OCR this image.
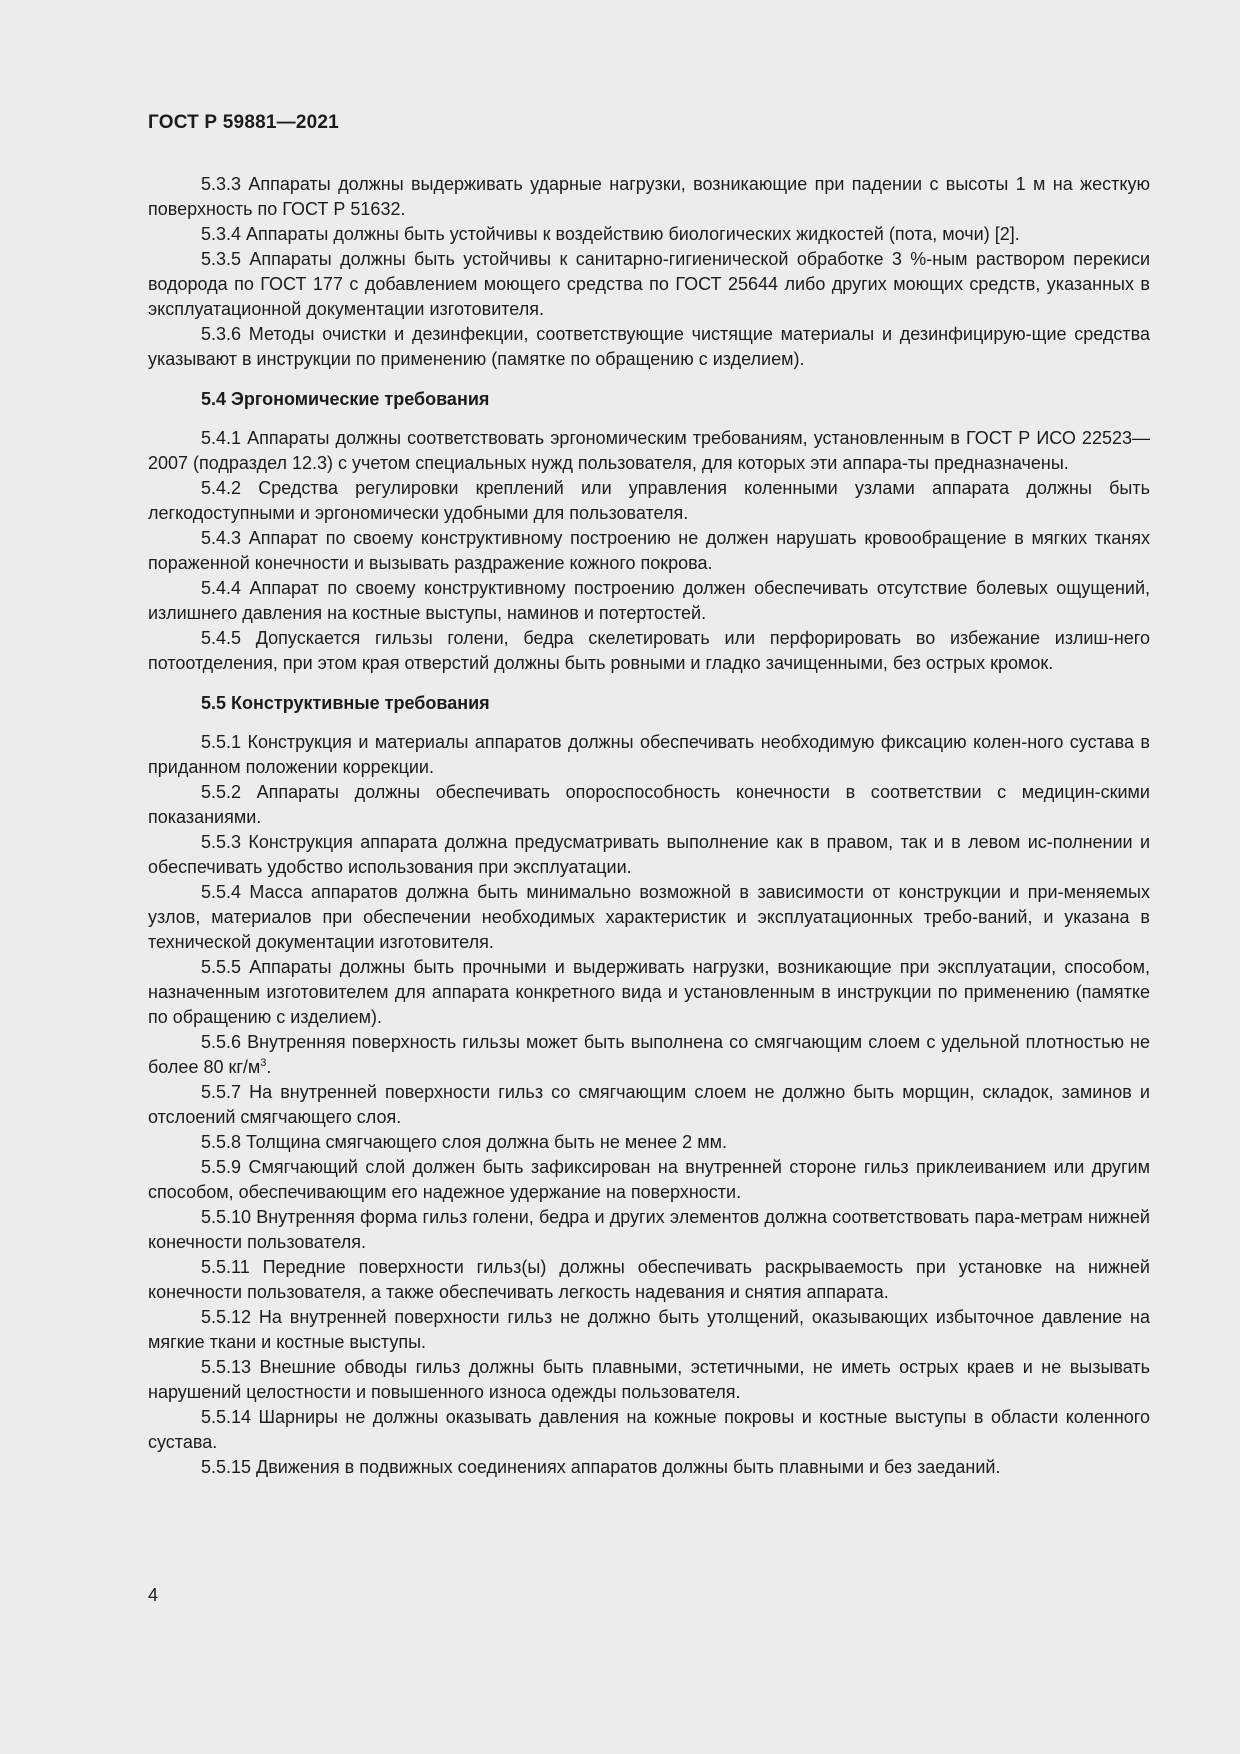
ГОСТ Р 59881—2021

5.3.3 Аппараты должны выдерживать ударные нагрузки, возникающие при падении с высоты 1 м на жесткую поверхность по ГОСТ Р 51632.

5.3.4 Аппараты должны быть устойчивы к воздействию биологических жидкостей (пота, мочи) [2].

5.3.5 Аппараты должны быть устойчивы к санитарно-гигиенической обработке 3 %-ным раствором перекиси водорода по ГОСТ 177 с добавлением моющего средства по ГОСТ 25644 либо других моющих средств, указанных в эксплуатационной документации изготовителя.

5.3.6 Методы очистки и дезинфекции, соответствующие чистящие материалы и дезинфицирую-щие средства указывают в инструкции по применению (памятке по обращению с изделием).

5.4 Эргономические требования

5.4.1 Аппараты должны соответствовать эргономическим требованиям, установленным в ГОСТ Р ИСО 22523—2007 (подраздел 12.3) с учетом специальных нужд пользователя, для которых эти аппара-ты предназначены.

5.4.2 Средства регулировки креплений или управления коленными узлами аппарата должны быть легкодоступными и эргономически удобными для пользователя.

5.4.3 Аппарат по своему конструктивному построению не должен нарушать кровообращение в мягких тканях пораженной конечности и вызывать раздражение кожного покрова.

5.4.4 Аппарат по своему конструктивному построению должен обеспечивать отсутствие болевых ощущений, излишнего давления на костные выступы, наминов и потертостей.

5.4.5 Допускается гильзы голени, бедра скелетировать или перфорировать во избежание излиш-него потоотделения, при этом края отверстий должны быть ровными и гладко зачищенными, без острых кромок.

5.5 Конструктивные требования

5.5.1 Конструкция и материалы аппаратов должны обеспечивать необходимую фиксацию колен-ного сустава в приданном положении коррекции.

5.5.2 Аппараты должны обеспечивать опороспособность конечности в соответствии с медицин-скими показаниями.

5.5.3 Конструкция аппарата должна предусматривать выполнение как в правом, так и в левом ис-полнении и обеспечивать удобство использования при эксплуатации.

5.5.4 Масса аппаратов должна быть минимально возможной в зависимости от конструкции и при-меняемых узлов, материалов при обеспечении необходимых характеристик и эксплуатационных требо-ваний, и указана в технической документации изготовителя.

5.5.5 Аппараты должны быть прочными и выдерживать нагрузки, возникающие при эксплуатации, способом, назначенным изготовителем для аппарата конкретного вида и установленным в инструкции по применению (памятке по обращению с изделием).

5.5.6 Внутренняя поверхность гильзы может быть выполнена со смягчающим слоем с удельной плотностью не более 80 $кг/м^3$.

5.5.7 На внутренней поверхности гильз со смягчающим слоем не должно быть морщин, складок, заминов и отслоений смягчающего слоя.

5.5.8 Толщина смягчающего слоя должна быть не менее 2 мм.

5.5.9 Смягчающий слой должен быть зафиксирован на внутренней стороне гильз приклеиванием или другим способом, обеспечивающим его надежное удержание на поверхности.

5.5.10 Внутренняя форма гильз голени, бедра и других элементов должна соответствовать пара-метрам нижней конечности пользователя.

5.5.11 Передние поверхности гильз(ы) должны обеспечивать раскрываемость при установке на нижней конечности пользователя, а также обеспечивать легкость надевания и снятия аппарата.

5.5.12 На внутренней поверхности гильз не должно быть утолщений, оказывающих избыточное давление на мягкие ткани и костные выступы.

5.5.13 Внешние обводы гильз должны быть плавными, эстетичными, не иметь острых краев и не вызывать нарушений целостности и повышенного износа одежды пользователя.

5.5.14 Шарниры не должны оказывать давления на кожные покровы и костные выступы в области коленного сустава.

5.5.15 Движения в подвижных соединениях аппаратов должны быть плавными и без заеданий.

4
